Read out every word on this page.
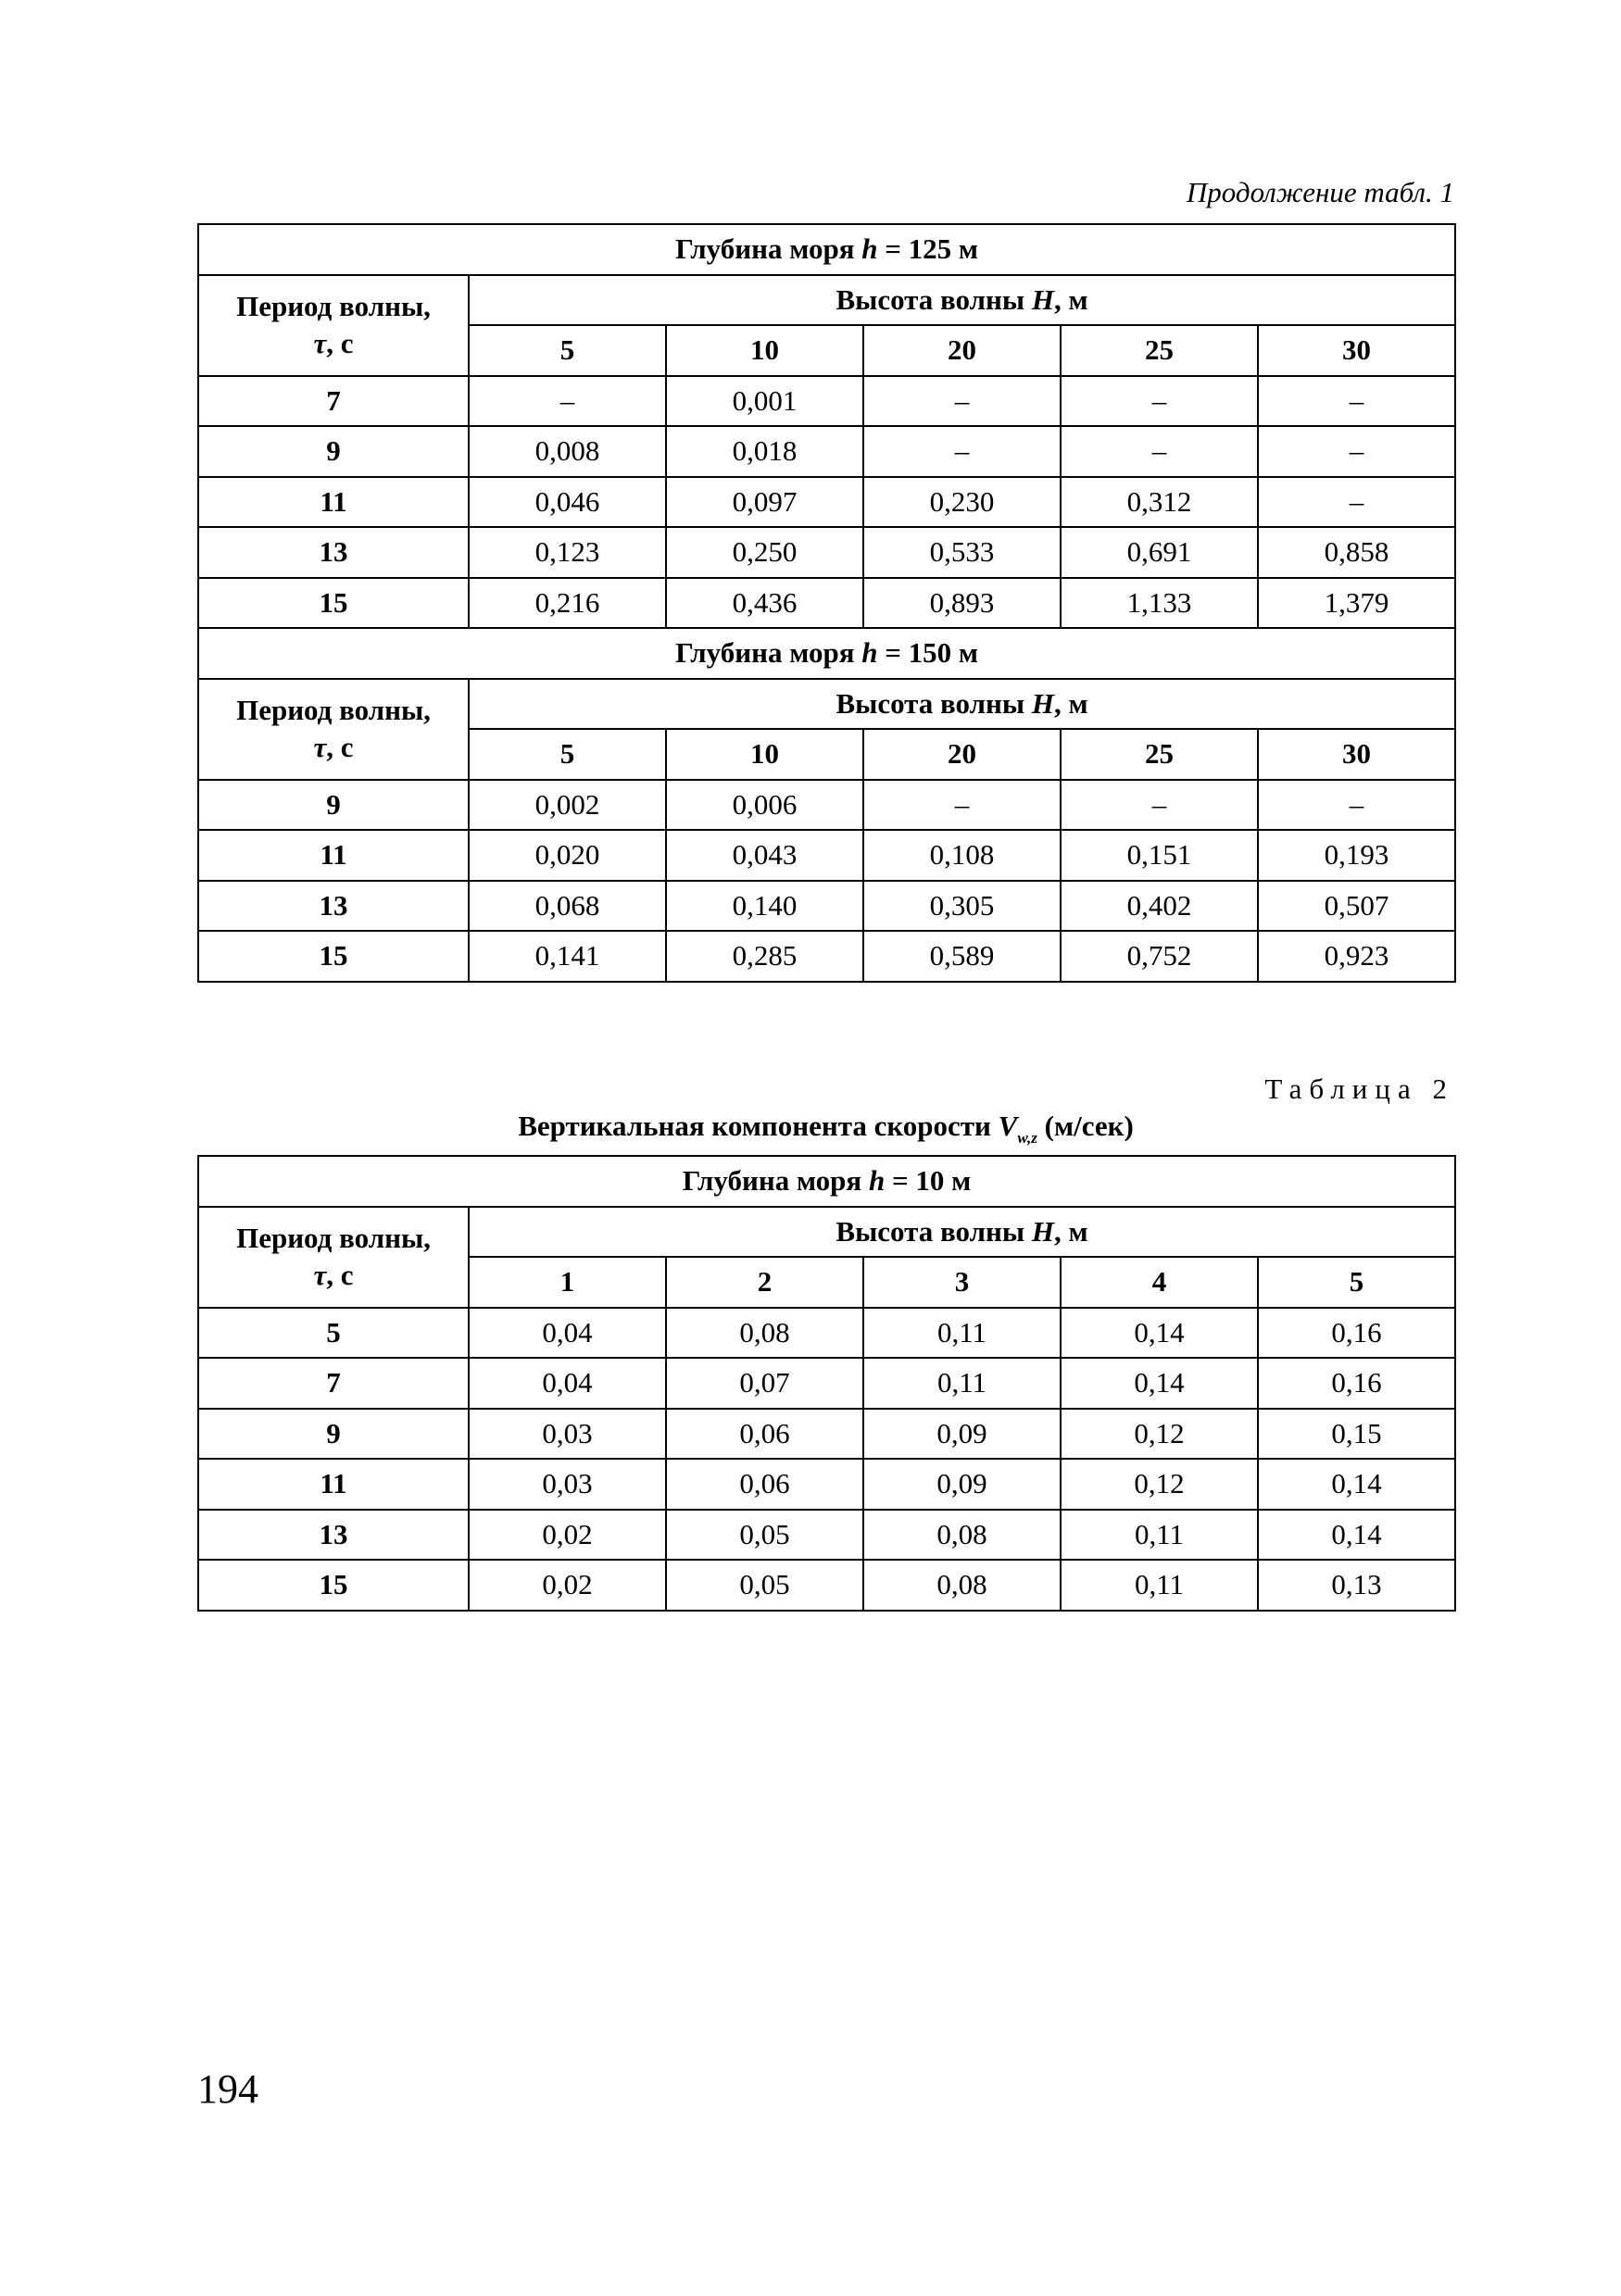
Продолжение табл. 1
Глубина моря h = 125 м					
Период волны,
τ, с	Высота волны H, м				
	5	10	20	25	30
7	–	0,001	–	–	–
9	0,008	0,018	–	–	–
11	0,046	0,097	0,230	0,312	–
13	0,123	0,250	0,533	0,691	0,858
15	0,216	0,436	0,893	1,133	1,379
Глубина моря h = 150 м					
Период волны,
τ, с	Высота волны H, м				
	5	10	20	25	30
9	0,002	0,006	–	–	–
11	0,020	0,043	0,108	0,151	0,193
13	0,068	0,140	0,305	0,402	0,507
15	0,141	0,285	0,589	0,752	0,923
Таблица 2
Вертикальная компонента скорости $V_{w,z}$ (м/сек)
Глубина моря h = 10 м					
Период волны,
τ, с	Высота волны H, м				
	1	2	3	4	5
5	0,04	0,08	0,11	0,14	0,16
7	0,04	0,07	0,11	0,14	0,16
9	0,03	0,06	0,09	0,12	0,15
11	0,03	0,06	0,09	0,12	0,14
13	0,02	0,05	0,08	0,11	0,14
15	0,02	0,05	0,08	0,11	0,13
194
